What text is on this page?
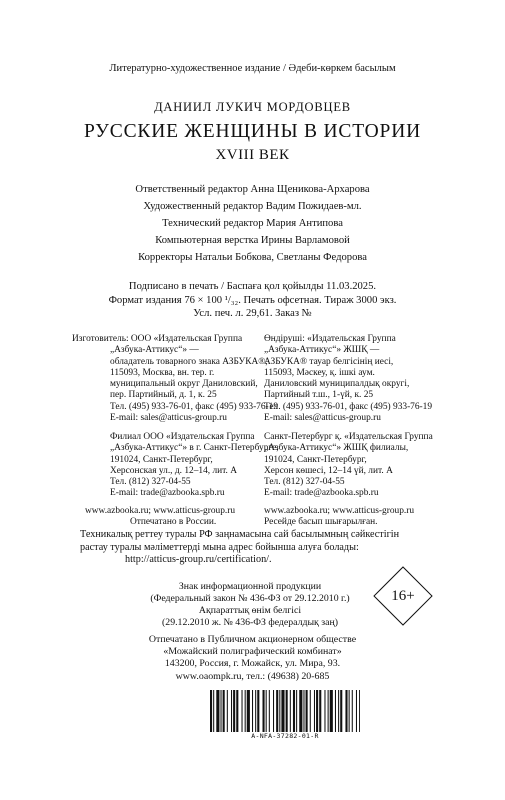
Литературно-художественное издание / Әдеби-көркем басылым
ДАНИИЛ ЛУКИЧ МОРДОВЦЕВ
РУССКИЕ ЖЕНЩИНЫ В ИСТОРИИ
XVIII ВЕК
Ответственный редактор Анна Щеникова-Архарова
Художественный редактор Вадим Пожидаев-мл.
Технический редактор Мария Антипова
Компьютерная верстка Ирины Варламовой
Корректоры Натальи Бобкова, Светланы Федорова
Подписано в печать / Баспаға қол қойылды 11.03.2025.
Формат издания 76 × 100 ¹/₃₂. Печать офсетная. Тираж 3000 экз.
Усл. печ. л. 29,61. Заказ №
Изготовитель: ООО «Издательская Группа
„Азбука-Аттикус“» —
обладатель товарного знака АЗБУКА®,
115093, Москва, вн. тер. г.
муниципальный округ Даниловский,
пер. Партийный, д. 1, к. 25
Тел. (495) 933-76-01, факс (495) 933-76-19
E-mail: sales@atticus-group.ru
Өндіруші: «Издательская Группа
„Азбука-Аттикус“» ЖШҚ —
АЗБУКА® тауар белгісінің иесі,
115093, Мәскеу, қ. ішкі аум.
Даниловский муниципалдық округі,
Партийный т.ш., 1-үй, к. 25
Тел. (495) 933-76-01, факс (495) 933-76-19
E-mail: sales@atticus-group.ru
Филиал ООО «Издательская Группа
„Азбука-Аттикус“» в г. Санкт-Петербурге,
191024, Санкт-Петербург,
Херсонская ул., д. 12–14, лит. А
Тел. (812) 327-04-55
E-mail: trade@azbooka.spb.ru
Санкт-Петербург қ. «Издательская Группа
„Азбука-Аттикус“» ЖШҚ филиалы,
191024, Санкт-Петербург,
Херсон көшесі, 12–14 үй, лит. А
Тел. (812) 327-04-55
E-mail: trade@azbooka.spb.ru
www.azbooka.ru; www.atticus-group.ru
Отпечатано в России.
www.azbooka.ru; www.atticus-group.ru
Ресейде басып шығарылған.
Техникалық реттеу туралы РФ заңнамасына сай басылымның сәйкестігін
растау туралы мәліметтерді мына адрес бойынша алуға болады:
http://atticus-group.ru/certification/.
Знак информационной продукции
(Федеральный закон № 436-ФЗ от 29.12.2010 г.)
Ақпараттық өнім белгісі
(29.12.2010 ж. № 436-ФЗ федералдық заң)
16+
Отпечатано в Публичном акционерном обществе
«Можайский полиграфический комбинат»
143200, Россия, г. Можайск, ул. Мира, 93.
www.oaompk.ru, тел.: (49638) 20-685
A-NFA-37282-01-R
